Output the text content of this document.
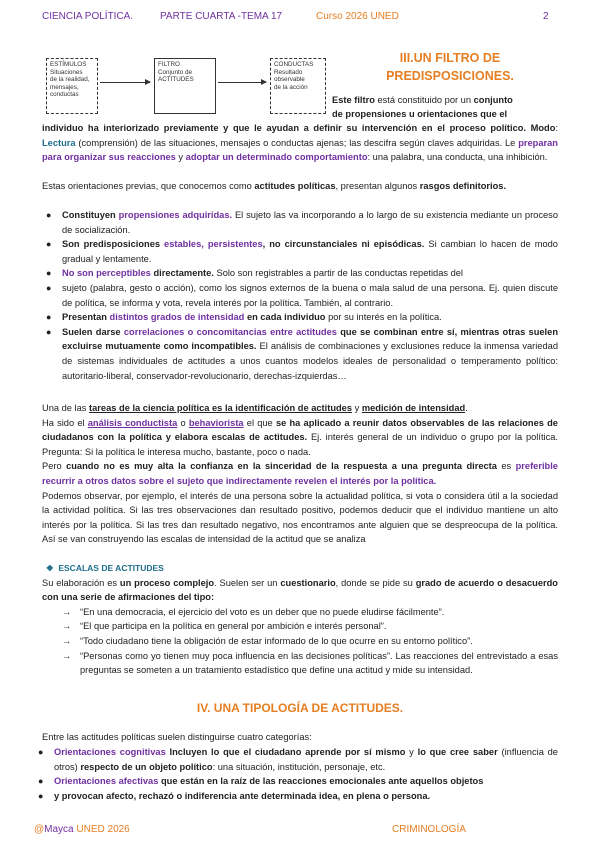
CIENCIA POLÍTICA.	PARTE CUARTA -TEMA 17	Curso 2026 UNED	2
ESTÍMULOS
Situaciones
de la realidad,
mensajes,
conductas
FILTRO
Conjunto de
ACTITUDES
CONDUCTAS
Resultado
observable
de la acción
III.UN FILTRO DE
PREDISPOSICIONES.
Este filtro está constituido por un conjunto
de propensiones u orientaciones que el
individuo ha interiorizado previamente y que le ayudan a definir su intervención en el proceso político. Modo: Lectura (comprensión) de las situaciones, mensajes o conductas ajenas; las descifra según claves adquiridas. Le preparan para organizar sus reacciones y adoptar un determinado comportamiento: una palabra, una conducta, una inhibición.
Estas orientaciones previas, que conocemos como actitudes políticas, presentan algunos rasgos definitorios.
● Constituyen propensiones adquiridas. El sujeto las va incorporando a lo largo de su existencia mediante un proceso de socialización.
● Son predisposiciones estables, persistentes, no circunstanciales ni episódicas. Si cambian lo hacen de modo gradual y lentamente.
● No son perceptibles directamente. Solo son registrables a partir de las conductas repetidas del
● sujeto (palabra, gesto o acción), como los signos externos de la buena o mala salud de una persona. Ej. quien discute de política, se informa y vota, revela interés por la política. También, al contrario.
● Presentan distintos grados de intensidad en cada individuo por su interés en la política.
● Suelen darse correlaciones o concomitancias entre actitudes que se combinan entre sí, mientras otras suelen excluirse mutuamente como incompatibles. El análisis de combinaciones y exclusiones reduce la inmensa variedad de sistemas individuales de actitudes a unos cuantos modelos ideales de personalidad o temperamento político: autoritario-liberal, conservador-revolucionario, derechas-izquierdas…
Una de las tareas de la ciencia política es la identificación de actitudes y medición de intensidad.
Ha sido el análisis conductista o behaviorista el que se ha aplicado a reunir datos observables de las relaciones de ciudadanos con la política y elabora escalas de actitudes. Ej. interés general de un individuo o grupo por la política. Pregunta: Si la política le interesa mucho, bastante, poco o nada.
Pero cuando no es muy alta la confianza en la sinceridad de la respuesta a una pregunta directa es preferible recurrir a otros datos sobre el sujeto que indirectamente revelen el interés por la política.
Podemos observar, por ejemplo, el interés de una persona sobre la actualidad política, si vota o considera útil a la sociedad la actividad política. Si las tres observaciones dan resultado positivo, podemos deducir que el individuo mantiene un alto interés por la política. Si las tres dan resultado negativo, nos encontramos ante alguien que se despreocupa de la política. Así se van construyendo las escalas de intensidad de la actitud que se analiza
❖  ESCALAS DE ACTITUDES
Su elaboración es un proceso complejo. Suelen ser un cuestionario, donde se pide su grado de acuerdo o desacuerdo con una serie de afirmaciones del tipo:
→ “En una democracia, el ejercicio del voto es un deber que no puede eludirse fácilmente”.
→ “El que participa en la política en general por ambición e interés personal”.
→ “Todo ciudadano tiene la obligación de estar informado de lo que ocurre en su entorno político”.
→ “Personas como yo tienen muy poca influencia en las decisiones políticas”. Las reacciones del entrevistado a esas preguntas se someten a un tratamiento estadístico que define una actitud y mide su intensidad.
IV. UNA TIPOLOGÍA DE ACTITUDES.
Entre las actitudes políticas suelen distinguirse cuatro categorías:
● Orientaciones cognitivas Incluyen lo que el ciudadano aprende por sí mismo y lo que cree saber (influencia de otros) respecto de un objeto político: una situación, institución, personaje, etc.
● Orientaciones afectivas que están en la raíz de las reacciones emocionales ante aquellos objetos
● y provocan afecto, rechazó o indiferencia ante determinada idea, en plena o persona.
@Mayca UNED 2026	CRIMINOLOGÍA
